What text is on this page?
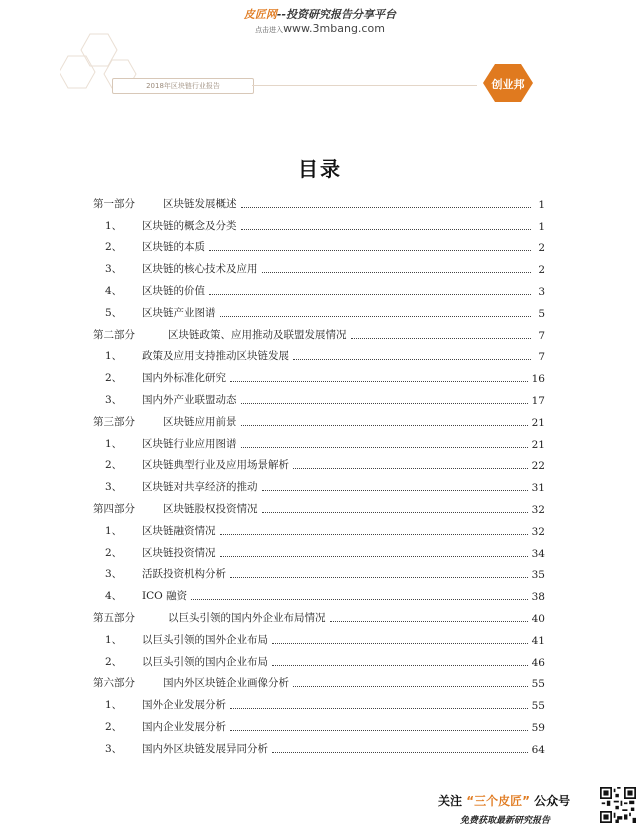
皮匠网--投资研究报告分享平台
点击进入www.3mbang.com
2018年区块链行业报告	创业邦
目录
第一部分	区块链发展概述	1
1、	区块链的概念及分类	1
2、	区块链的本质	2
3、	区块链的核心技术及应用	2
4、	区块链的价值	3
5、	区块链产业图谱	5
第二部分	区块链政策、应用推动及联盟发展情况	7
1、	政策及应用支持推动区块链发展	7
2、	国内外标准化研究	16
3、	国内外产业联盟动态	17
第三部分	区块链应用前景	21
1、	区块链行业应用图谱	21
2、	区块链典型行业及应用场景解析	22
3、	区块链对共享经济的推动	31
第四部分	区块链股权投资情况	32
1、	区块链融资情况	32
2、	区块链投资情况	34
3、	活跃投资机构分析	35
4、	ICO 融资	38
第五部分	以巨头引领的国内外企业布局情况	40
1、	以巨头引领的国外企业布局	41
2、	以巨头引领的国内企业布局	46
第六部分	国内外区块链企业画像分析	55
1、	国外企业发展分析	55
2、	国内企业发展分析	59
3、	国内外区块链发展异同分析	64
关注 “三个皮匠” 公众号
免费获取最新研究报告
